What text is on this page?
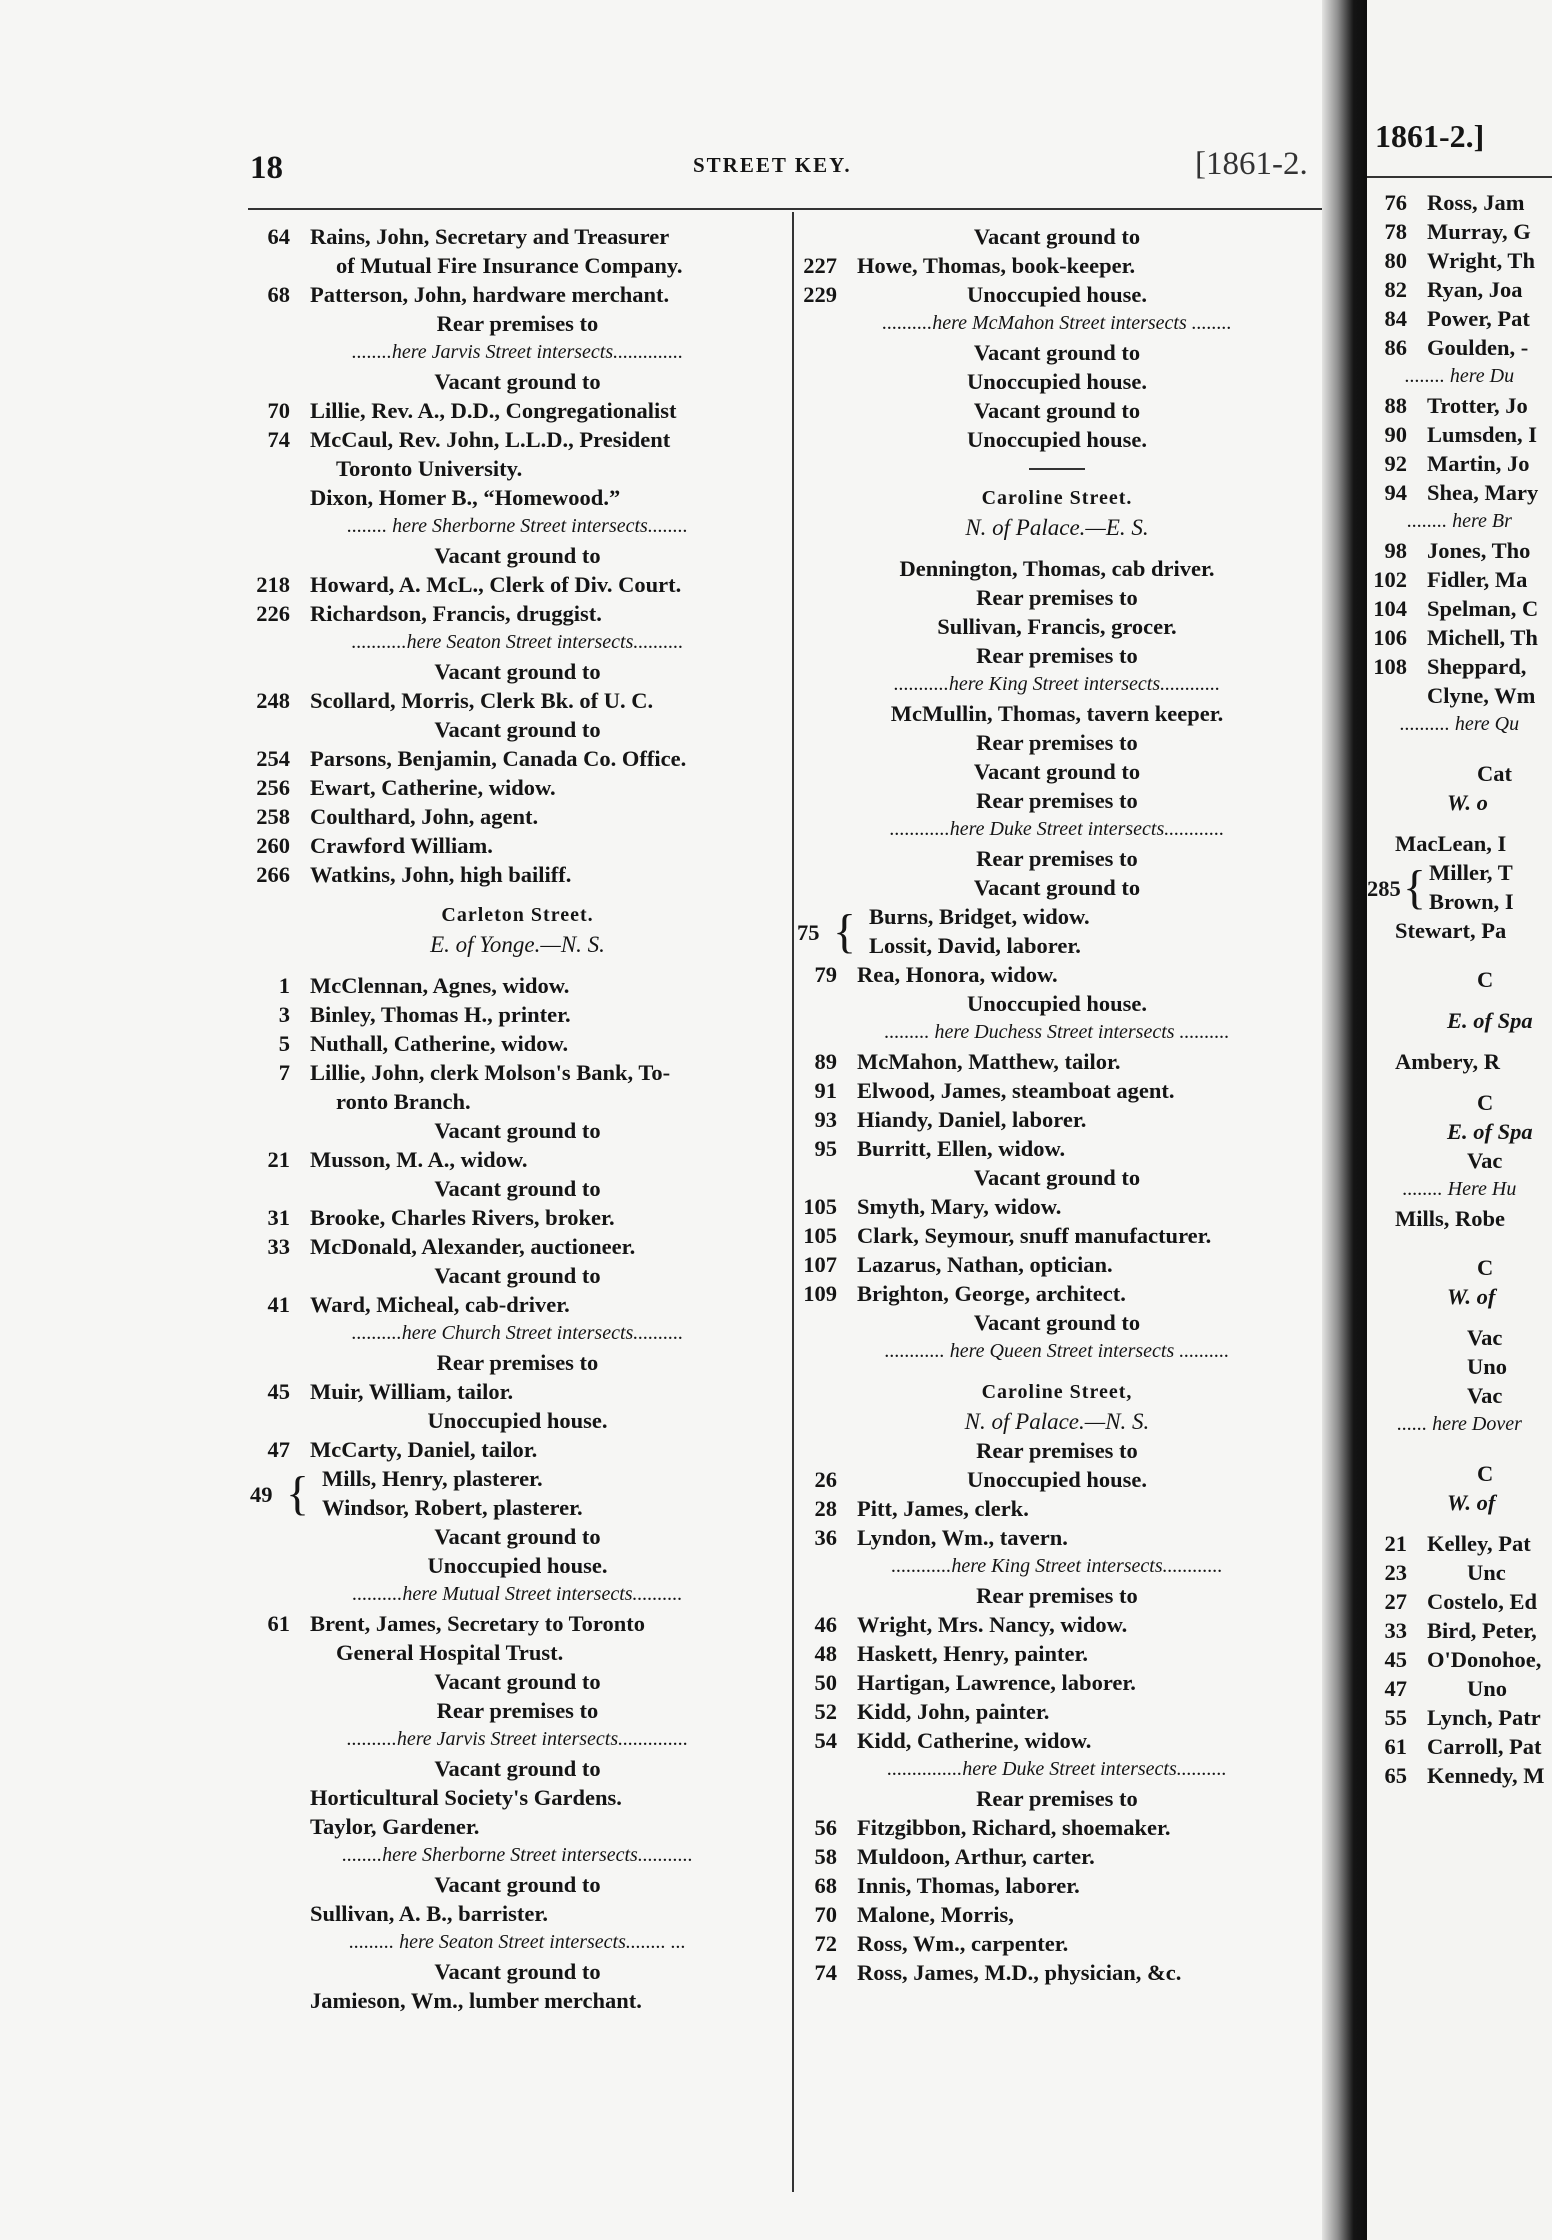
18	STREET KEY.	[1861-2.
64 Rains, John, Secretary and Treasurer
of Mutual Fire Insurance Company.
68 Patterson, John, hardware merchant.
Rear premises to
........here Jarvis Street intersects..............
Vacant ground to
70 Lillie, Rev. A., D.D., Congregationalist
74 McCaul, Rev. John, L.L.D., President
Toronto University.
Dixon, Homer B., “Homewood.”
........ here Sherborne Street intersects........
Vacant ground to
218 Howard, A. McL., Clerk of Div. Court.
226 Richardson, Francis, druggist.
...........here Seaton Street intersects..........
Vacant ground to
248 Scollard, Morris, Clerk Bk. of U. C.
Vacant ground to
254 Parsons, Benjamin, Canada Co. Office.
256 Ewart, Catherine, widow.
258 Coulthard, John, agent.
260 Crawford William.
266 Watkins, John, high bailiff.
Carleton Street.
E. of Yonge.—N. S.
1 McClennan, Agnes, widow.
3 Binley, Thomas H., printer.
5 Nuthall, Catherine, widow.
7 Lillie, John, clerk Molson's Bank, To-
ronto Branch.
Vacant ground to
21 Musson, M. A., widow.
Vacant ground to
31 Brooke, Charles Rivers, broker.
33 McDonald, Alexander, auctioneer.
Vacant ground to
41 Ward, Micheal, cab-driver.
..........here Church Street intersects..........
Rear premises to
45 Muir, William, tailor.
Unoccupied house.
47 McCarty, Daniel, tailor.
49 { Mills, Henry, plasterer.
Windsor, Robert, plasterer.
Vacant ground to
Unoccupied house.
..........here Mutual Street intersects..........
61 Brent, James, Secretary to Toronto
General Hospital Trust.
Vacant ground to
Rear premises to
..........here Jarvis Street intersects..............
Vacant ground to
Horticultural Society's Gardens.
Taylor, Gardener.
........here Sherborne Street intersects...........
Vacant ground to
Sullivan, A. B., barrister.
......... here Seaton Street intersects........ ...
Vacant ground to
Jamieson, Wm., lumber merchant.
Vacant ground to
227 Howe, Thomas, book-keeper.
229	Unoccupied house.
..........here McMahon Street intersects ........
Vacant ground to
Unoccupied house.
Vacant ground to
Unoccupied house.
Caroline Street.
N. of Palace.—E. S.
Dennington, Thomas, cab driver.
Rear premises to
Sullivan, Francis, grocer.
Rear premises to
...........here King Street intersects............
McMullin, Thomas, tavern keeper.
Rear premises to
Vacant ground to
Rear premises to
............here Duke Street intersects............
Rear premises to
Vacant ground to
75 { Burns, Bridget, widow.
Lossit, David, laborer.
79 Rea, Honora, widow.
Unoccupied house.
......... here Duchess Street intersects ..........
89 McMahon, Matthew, tailor.
91 Elwood, James, steamboat agent.
93 Hiandy, Daniel, laborer.
95 Burritt, Ellen, widow.
Vacant ground to
105 Smyth, Mary, widow.
105 Clark, Seymour, snuff manufacturer.
107 Lazarus, Nathan, optician.
109 Brighton, George, architect.
Vacant ground to
............ here Queen Street intersects ..........
Caroline Street,
N. of Palace.—N. S.
Rear premises to
26	Unoccupied house.
28 Pitt, James, clerk.
36 Lyndon, Wm., tavern.
............here King Street intersects............
Rear premises to
46 Wright, Mrs. Nancy, widow.
48 Haskett, Henry, painter.
50 Hartigan, Lawrence, laborer.
52 Kidd, John, painter.
54 Kidd, Catherine, widow.
...............here Duke Street intersects..........
Rear premises to
56 Fitzgibbon, Richard, shoemaker.
58 Muldoon, Arthur, carter.
68 Innis, Thomas, laborer.
70 Malone, Morris,
72 Ross, Wm., carpenter.
74 Ross, James, M.D., physician, &c.
1861-2.]
76 Ross, Jam
78 Murray, G
80 Wright, Th
82 Ryan, Joa
84 Power, Pat
86 Goulden, -
........ here Du
88 Trotter, Jo
90 Lumsden, I
92 Martin, Jo
94 Shea, Mary
........ here Br
98 Jones, Tho
102 Fidler, Ma
104 Spelman, C
106 Michell, Th
108 Sheppard,
Clyne, Wm
.......... here Qu
Cat
W. o
MacLean, I
285 { Miller, T
Brown, I
Stewart, Pa
C
E. of Spa
Ambery, R
C
E. of Spa
Vac
........ Here Hu
Mills, Robe
C
W. of
Vac
Uno
Vac
...... here Dover
C
W. of
21 Kelley, Pat
23	Unc
27 Costelo, Ed
33 Bird, Peter,
45 O'Donohoe,
47	Uno
55 Lynch, Patr
61 Carroll, Pat
65 Kennedy, M
